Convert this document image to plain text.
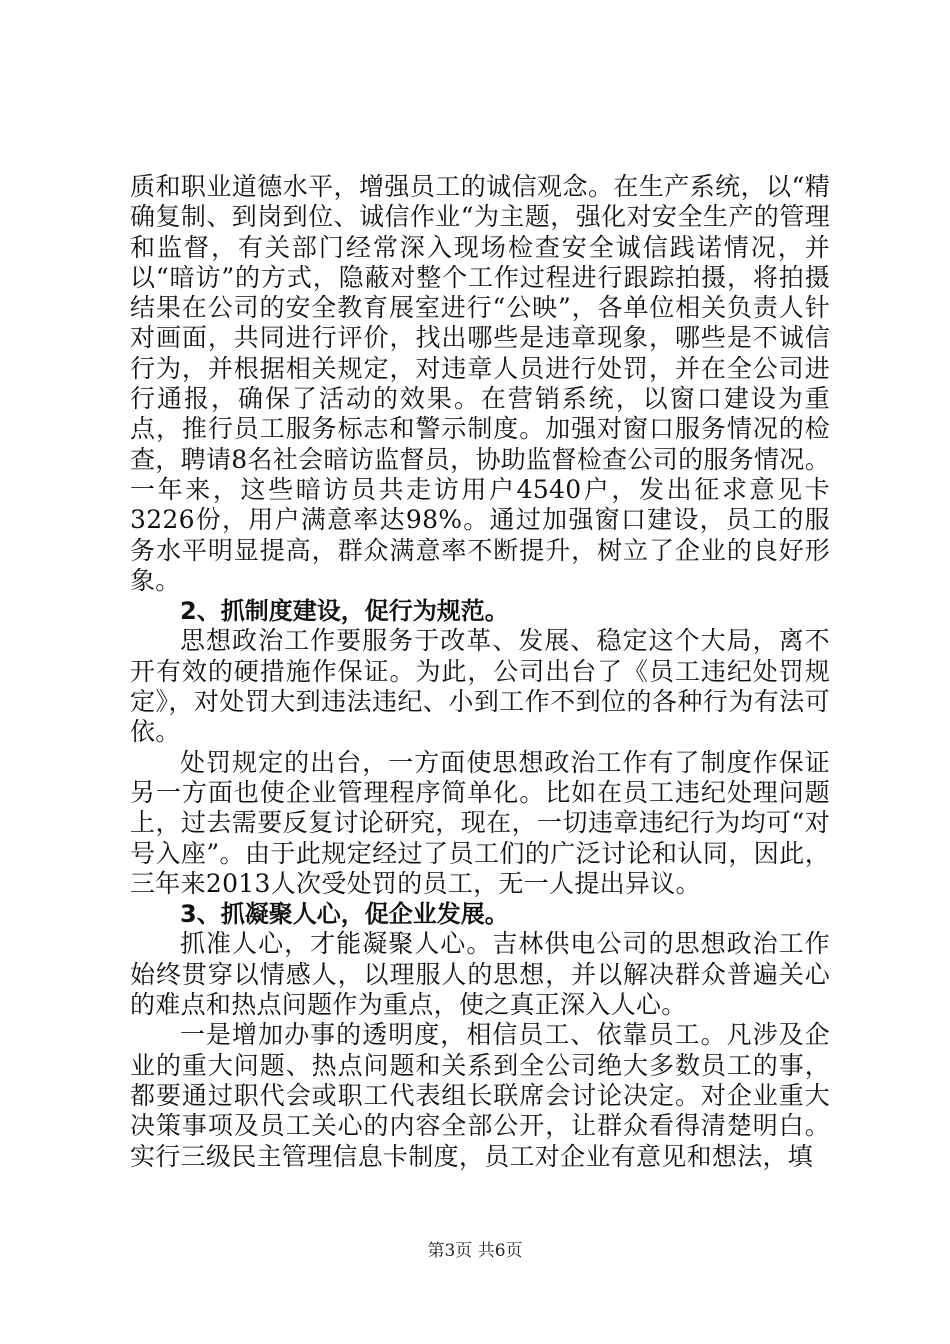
质和职业道德水平，增强员工的诚信观念。在生产系统，以“精确复制、到岗到位、诚信作业“为主题，强化对安全生产的管理和监督，有关部门经常深入现场检查安全诚信践诺情况，并以“暗访”的方式，隐蔽对整个工作过程进行跟踪拍摄，将拍摄结果在公司的安全教育展室进行“公映”，各单位相关负责人针对画面，共同进行评价，找出哪些是违章现象，哪些是不诚信行为，并根据相关规定，对违章人员进行处罚，并在全公司进行通报，确保了活动的效果。在营销系统，以窗口建设为重点，推行员工服务标志和警示制度。加强对窗口服务情况的检查，聘请8名社会暗访监督员，协助监督检查公司的服务情况。一年来，这些暗访员共走访用户4540户，发出征求意见卡3226份，用户满意率达98%。通过加强窗口建设，员工的服务水平明显提高，群众满意率不断提升，树立了企业的良好形象。

2、抓制度建设，促行为规范。

思想政治工作要服务于改革、发展、稳定这个大局，离不开有效的硬措施作保证。为此，公司出台了《员工违纪处罚规定》，对处罚大到违法违纪、小到工作不到位的各种行为有法可依。

处罚规定的出台，一方面使思想政治工作有了制度作保证另一方面也使企业管理程序简单化。比如在员工违纪处理问题上，过去需要反复讨论研究，现在，一切违章违纪行为均可“对号入座”。由于此规定经过了员工们的广泛讨论和认同，因此，三年来2013人次受处罚的员工，无一人提出异议。

3、抓凝聚人心，促企业发展。

抓准人心，才能凝聚人心。吉林供电公司的思想政治工作始终贯穿以情感人，以理服人的思想，并以解决群众普遍关心的难点和热点问题作为重点，使之真正深入人心。

一是增加办事的透明度，相信员工、依靠员工。凡涉及企业的重大问题、热点问题和关系到全公司绝大多数员工的事，都要通过职代会或职工代表组长联席会讨论决定。对企业重大决策事项及员工关心的内容全部公开，让群众看得清楚明白。实行三级民主管理信息卡制度，员工对企业有意见和想法，填

第3页 共6页
